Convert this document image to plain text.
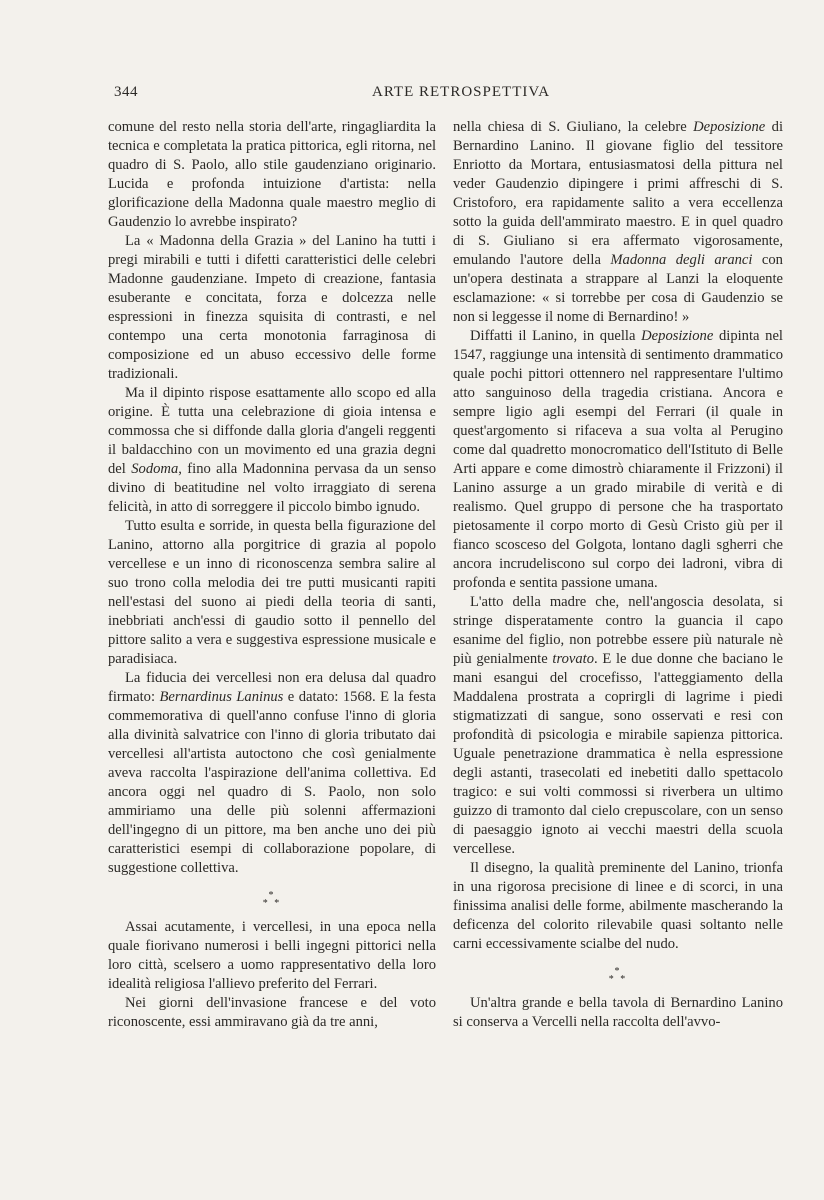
344	ARTE RETROSPETTIVA

comune del resto nella storia dell'arte, ringagliardita la tecnica e completata la pratica pittorica, egli ritorna, nel quadro di S. Paolo, allo stile gaudenziano originario. Lucida e profonda intuizione d'artista: nella glorificazione della Madonna quale maestro meglio di Gaudenzio lo avrebbe inspirato?

La « Madonna della Grazia » del Lanino ha tutti i pregi mirabili e tutti i difetti caratteristici delle celebri Madonne gaudenziane. Impeto di creazione, fantasia esuberante e concitata, forza e dolcezza nelle espressioni in finezza squisita di contrasti, e nel contempo una certa monotonia farraginosa di composizione ed un abuso eccessivo delle forme tradizionali.

Ma il dipinto rispose esattamente allo scopo ed alla origine. È tutta una celebrazione di gioia intensa e commossa che si diffonde dalla gloria d'angeli reggenti il baldacchino con un movimento ed una grazia degni del Sodoma, fino alla Madonnina pervasa da un senso divino di beatitudine nel volto irraggiato di serena felicità, in atto di sorreggere il piccolo bimbo ignudo.

Tutto esulta e sorride, in questa bella figurazione del Lanino, attorno alla porgitrice di grazia al popolo vercellese e un inno di riconoscenza sembra salire al suo trono colla melodia dei tre putti musicanti rapiti nell'estasi del suono ai piedi della teoria di santi, inebbriati anch'essi di gaudio sotto il pennello del pittore salito a vera e suggestiva espressione musicale e paradisiaca.

La fiducia dei vercellesi non era delusa dal quadro firmato: Bernardinus Laninus e datato: 1568. E la festa commemorativa di quell'anno confuse l'inno di gloria alla divinità salvatrice con l'inno di gloria tributato dai vercellesi all'artista autoctono che così genialmente aveva raccolta l'aspirazione dell'anima collettiva. Ed ancora oggi nel quadro di S. Paolo, non solo ammiriamo una delle più solenni affermazioni dell'ingegno di un pittore, ma ben anche uno dei più caratteristici esempi di collaborazione popolare, di suggestione collettiva.

*
* *

Assai acutamente, i vercellesi, in una epoca nella quale fiorivano numerosi i belli ingegni pittorici nella loro città, scelsero a uomo rappresentativo della loro idealità religiosa l'allievo preferito del Ferrari.

Nei giorni dell'invasione francese e del voto riconoscente, essi ammiravano già da tre anni,

nella chiesa di S. Giuliano, la celebre Deposizione di Bernardino Lanino. Il giovane figlio del tessitore Enriotto da Mortara, entusiasmatosi della pittura nel veder Gaudenzio dipingere i primi affreschi di S. Cristoforo, era rapidamente salito a vera eccellenza sotto la guida dell'ammirato maestro. E in quel quadro di S. Giuliano si era affermato vigorosamente, emulando l'autore della Madonna degli aranci con un'opera destinata a strappare al Lanzi la eloquente esclamazione: « si torrebbe per cosa di Gaudenzio se non si leggesse il nome di Bernardino! »

Diffatti il Lanino, in quella Deposizione dipinta nel 1547, raggiunge una intensità di sentimento drammatico quale pochi pittori ottennero nel rappresentare l'ultimo atto sanguinoso della tragedia cristiana. Ancora e sempre ligio agli esempi del Ferrari (il quale in quest'argomento si rifaceva a sua volta al Perugino come dal quadretto monocromatico dell'Istituto di Belle Arti appare e come dimostrò chiaramente il Frizzoni) il Lanino assurge a un grado mirabile di verità e di realismo. Quel gruppo di persone che ha trasportato pietosamente il corpo morto di Gesù Cristo giù per il fianco scosceso del Golgota, lontano dagli sgherri che ancora incrudeliscono sul corpo dei ladroni, vibra di profonda e sentita passione umana.

L'atto della madre che, nell'angoscia desolata, si stringe disperatamente contro la guancia il capo esanime del figlio, non potrebbe essere più naturale nè più genialmente trovato. E le due donne che baciano le mani esangui del crocefisso, l'atteggiamento della Maddalena prostrata a coprirgli di lagrime i piedi stigmatizzati di sangue, sono osservati e resi con profondità di psicologia e mirabile sapienza pittorica. Uguale penetrazione drammatica è nella espressione degli astanti, trasecolati ed inebetiti dallo spettacolo tragico: e sui volti commossi si riverbera un ultimo guizzo di tramonto dal cielo crepuscolare, con un senso di paesaggio ignoto ai vecchi maestri della scuola vercellese.

Il disegno, la qualità preminente del Lanino, trionfa in una rigorosa precisione di linee e di scorci, in una finissima analisi delle forme, abilmente mascherando la deficenza del colorito rilevabile quasi soltanto nelle carni eccessivamente scialbe del nudo.

*
* *

Un'altra grande e bella tavola di Bernardino Lanino si conserva a Vercelli nella raccolta dell'avvo-
